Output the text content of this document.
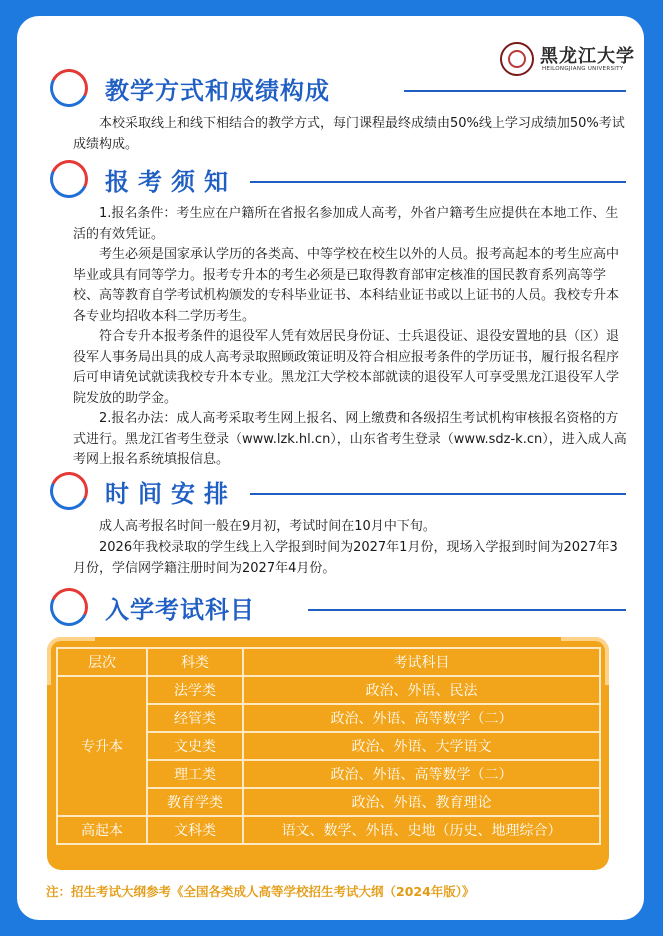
黑龙江大学
HEILONGJIANG UNIVERSITY
教学方式和成绩构成

本校采取线上和线下相结合的教学方式，每门课程最终成绩由50%线上学习成绩加50%考试成绩构成。

报考须知

1.报名条件：考生应在户籍所在省报名参加成人高考，外省户籍考生应提供在本地工作、生活的有效凭证。

考生必须是国家承认学历的各类高、中等学校在校生以外的人员。报考高起本的考生应高中毕业或具有同等学力。报考专升本的考生必须是已取得教育部审定核准的国民教育系列高等学校、高等教育自学考试机构颁发的专科毕业证书、本科结业证书或以上证书的人员。我校专升本各专业均招收本科二学历考生。

符合专升本报考条件的退役军人凭有效居民身份证、士兵退役证、退役安置地的县（区）退役军人事务局出具的成人高考录取照顾政策证明及符合相应报考条件的学历证书，履行报名程序后可申请免试就读我校专升本专业。黑龙江大学校本部就读的退役军人可享受黑龙江退役军人学院发放的助学金。

2.报名办法：成人高考采取考生网上报名、网上缴费和各级招生考试机构审核报名资格的方式进行。黑龙江省考生登录（www.lzk.hl.cn），山东省考生登录（www.sdz-k.cn），进入成人高考网上报名系统填报信息。

时间安排

成人高考报名时间一般在9月初，考试时间在10月中下旬。

2026年我校录取的学生线上入学报到时间为2027年1月份，现场入学报到时间为2027年3月份，学信网学籍注册时间为2027年4月份。

入学考试科目
层次	科类	考试科目
专升本	法学类	政治、外语、民法
	经管类	政治、外语、高等数学（二）
	文史类	政治、外语、大学语文
	理工类	政治、外语、高等数学（二）
	教育学类	政治、外语、教育理论
高起本	文科类	语文、数学、外语、史地（历史、地理综合）
注：招生考试大纲参考《全国各类成人高等学校招生考试大纲（2024年版）》
